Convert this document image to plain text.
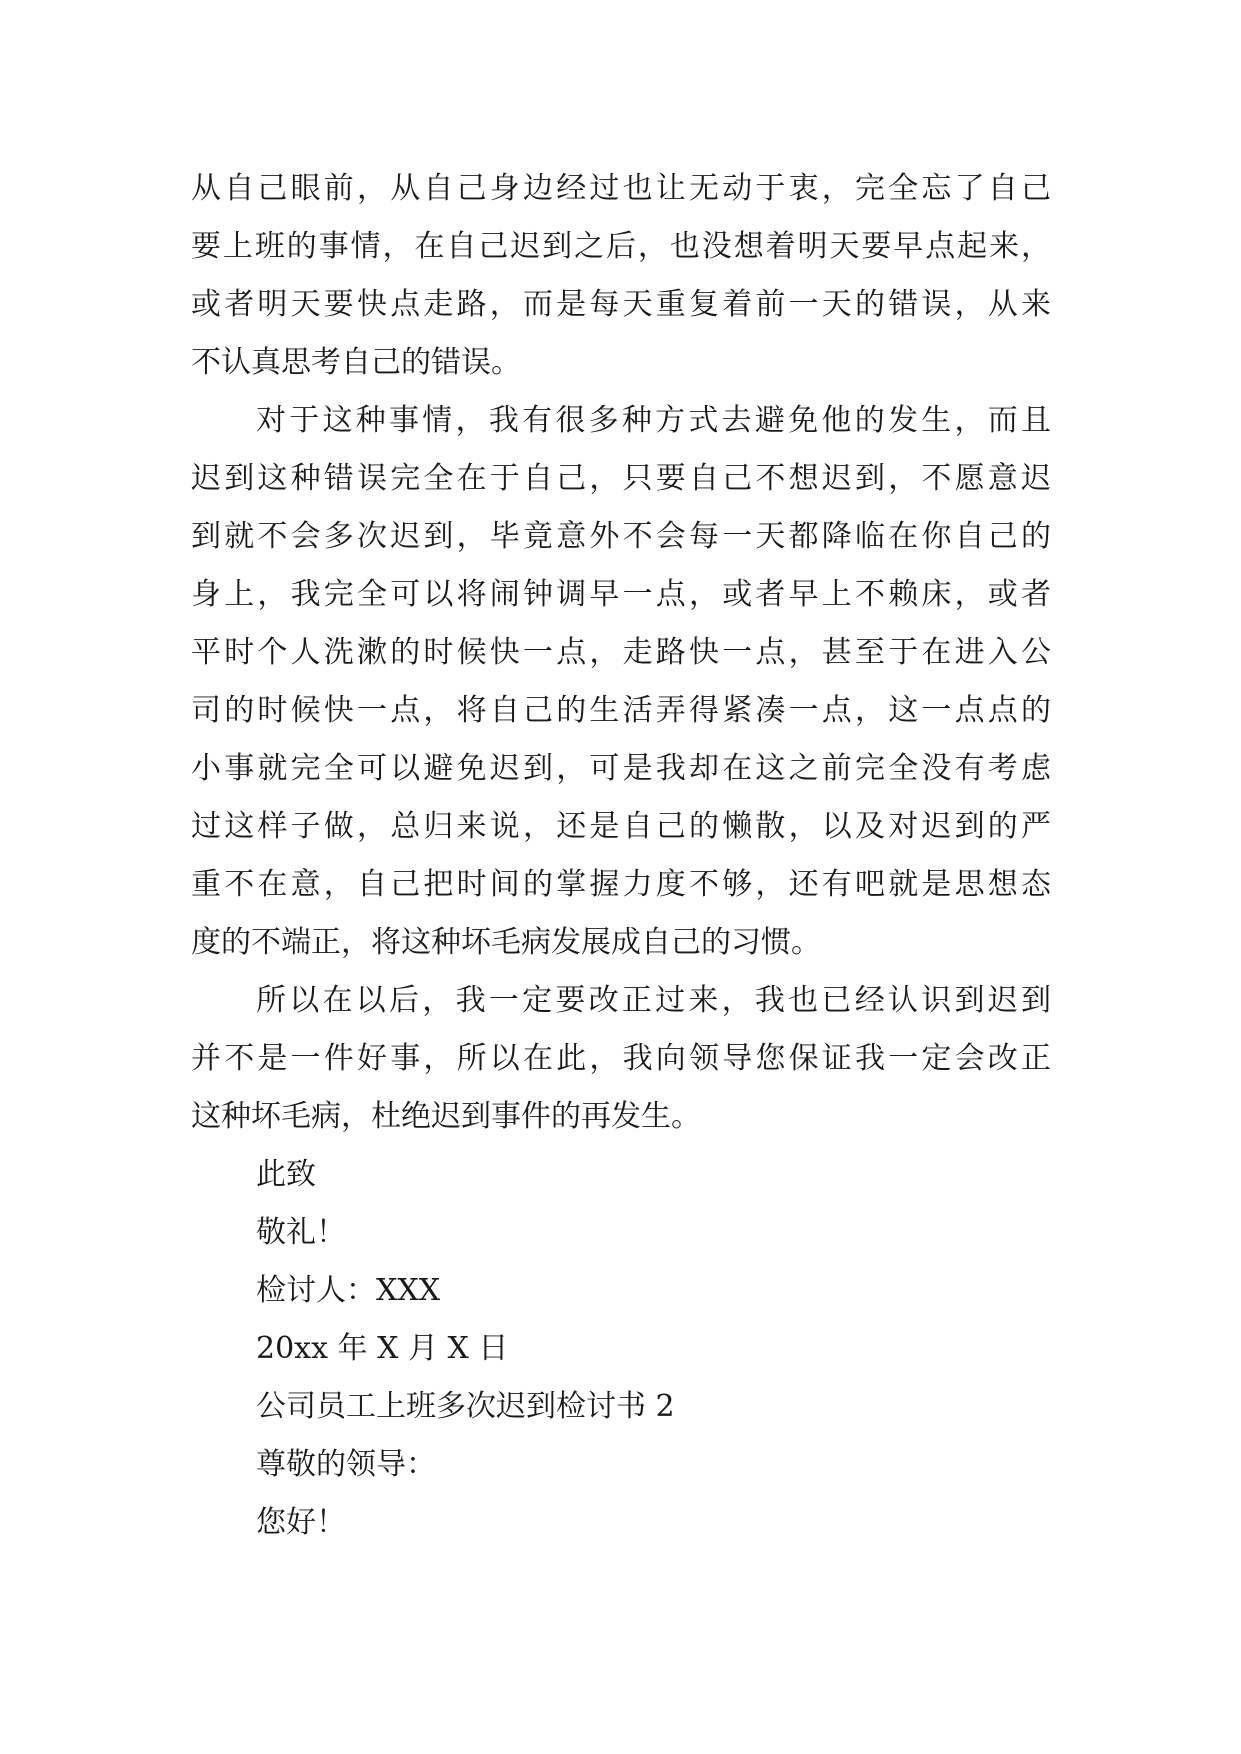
从自己眼前，从自己身边经过也让无动于衷，完全忘了自己
要上班的事情，在自己迟到之后，也没想着明天要早点起来，
或者明天要快点走路，而是每天重复着前一天的错误，从来
不认真思考自己的错误。
对于这种事情，我有很多种方式去避免他的发生，而且
迟到这种错误完全在于自己，只要自己不想迟到，不愿意迟
到就不会多次迟到，毕竟意外不会每一天都降临在你自己的
身上，我完全可以将闹钟调早一点，或者早上不赖床，或者
平时个人洗漱的时候快一点，走路快一点，甚至于在进入公
司的时候快一点，将自己的生活弄得紧凑一点，这一点点的
小事就完全可以避免迟到，可是我却在这之前完全没有考虑
过这样子做，总归来说，还是自己的懒散，以及对迟到的严
重不在意，自己把时间的掌握力度不够，还有吧就是思想态
度的不端正，将这种坏毛病发展成自己的习惯。
所以在以后，我一定要改正过来，我也已经认识到迟到
并不是一件好事，所以在此，我向领导您保证我一定会改正
这种坏毛病，杜绝迟到事件的再发生。
此致
敬礼！
检讨人：XXX
20xx 年 X 月 X 日
公司员工上班多次迟到检讨书 2
尊敬的领导：
您好！
